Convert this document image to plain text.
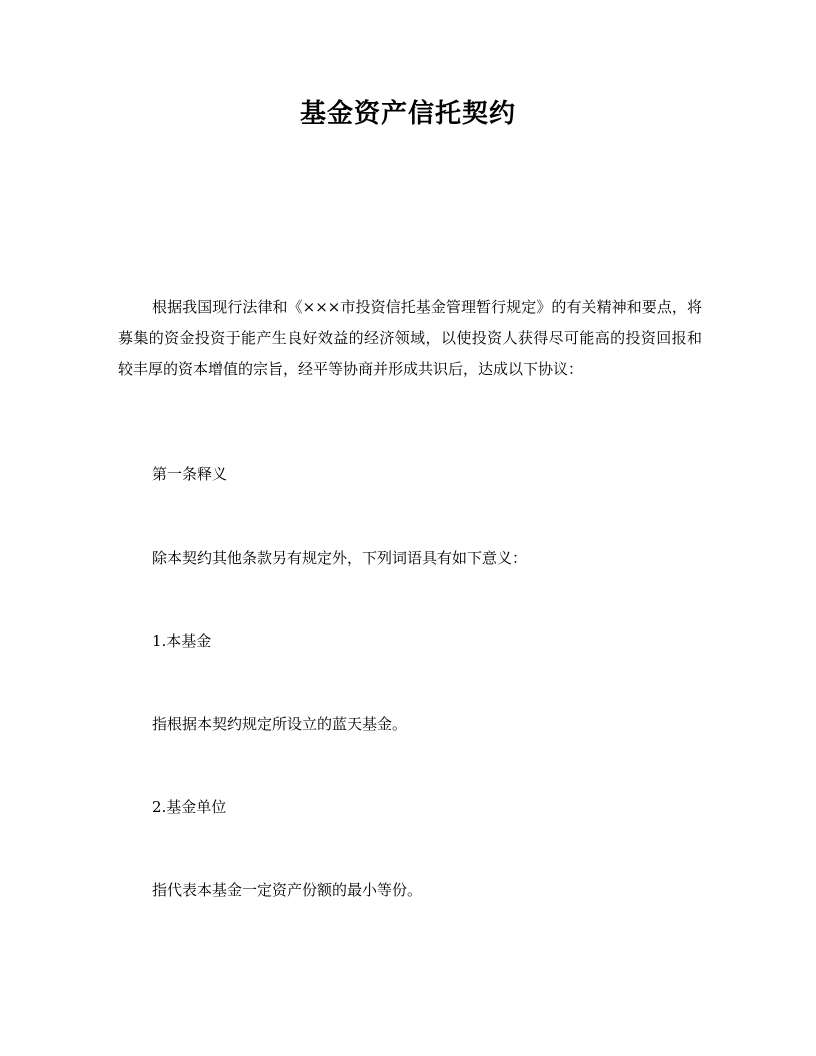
基金资产信托契约

根据我国现行法律和《×××市投资信托基金管理暂行规定》的有关精神和要点，将募集的资金投资于能产生良好效益的经济领域，以使投资人获得尽可能高的投资回报和较丰厚的资本增值的宗旨，经平等协商并形成共识后，达成以下协议：

第一条释义
除本契约其他条款另有规定外，下列词语具有如下意义：
1.本基金
指根据本契约规定所设立的蓝天基金。
2.基金单位
指代表本基金一定资产份额的最小等份。
